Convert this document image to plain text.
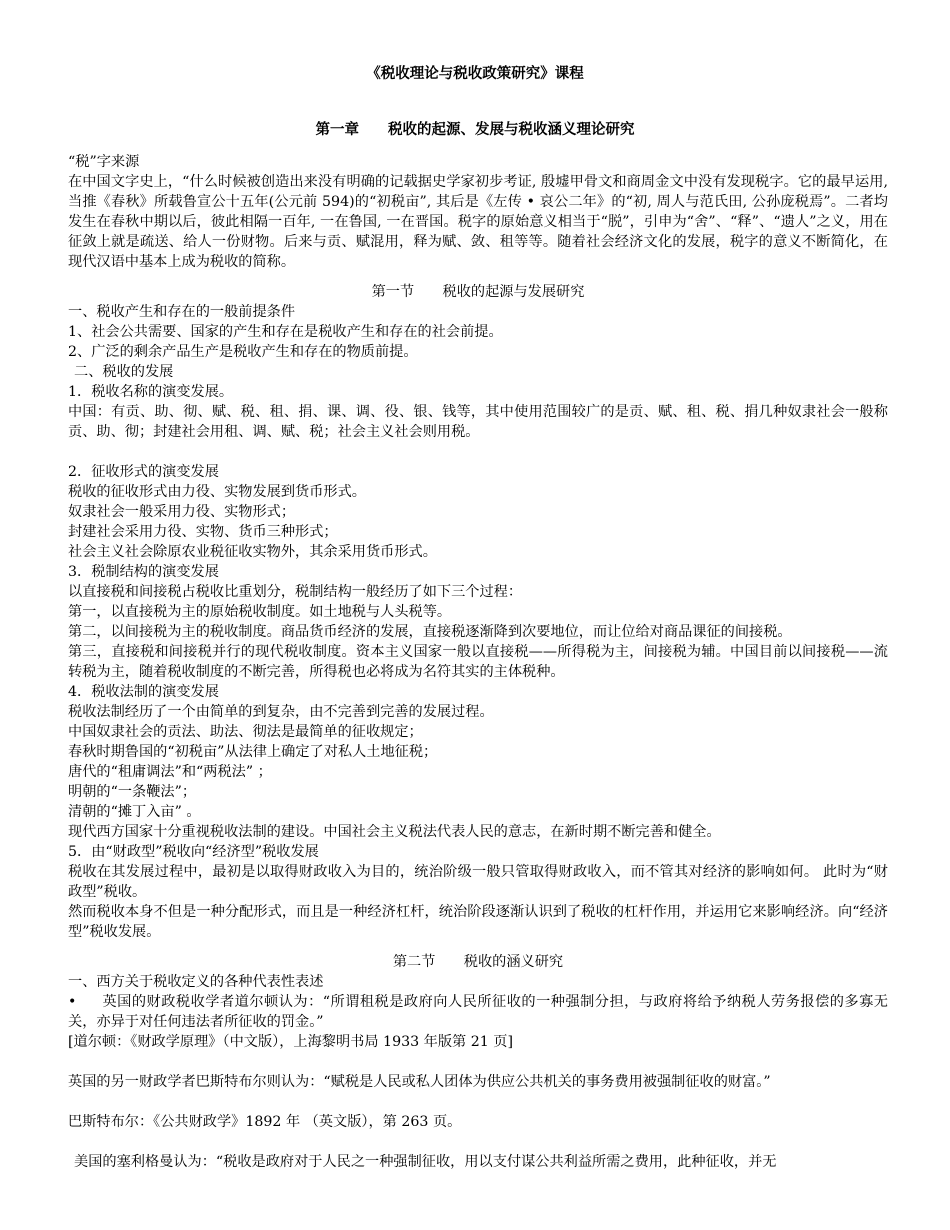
《税收理论与税收政策研究》课程
第一章　　税收的起源、发展与税收涵义理论研究

“税”字来源

在中国文字史上，“什么时候被创造出来没有明确的记载据史学家初步考证, 殷墟甲骨文和商周金文中没有发现税字。它的最早运用, 当推《春秋》所载鲁宣公十五年(公元前 594)的“初税亩”, 其后是《左传 • 哀公二年》的“初, 周人与范氏田, 公孙庞税焉”。二者均发生在春秋中期以后，彼此相隔一百年, 一在鲁国, 一在晋国。税字的原始意义相当于“脱”，引申为“舍”、“释”、“遗人”之义，用在征敛上就是疏送、给人一份财物。后来与贡、赋混用，释为赋、敛、租等等。随着社会经济文化的发展，税字的意义不断简化，在现代汉语中基本上成为税收的简称。

第一节　　税收的起源与发展研究

一、税收产生和存在的一般前提条件

1、社会公共需要、国家的产生和存在是税收产生和存在的社会前提。

2、广泛的剩余产品生产是税收产生和存在的物质前提。

二、税收的发展

1．税收名称的演变发展。

中国：有贡、助、彻、赋、税、租、捐、课、调、役、银、钱等，其中使用范围较广的是贡、赋、租、税、捐几种奴隶社会一般称贡、助、彻；封建社会用租、调、赋、税；社会主义社会则用税。

2．征收形式的演变发展

税收的征收形式由力役、实物发展到货币形式。

奴隶社会一般采用力役、实物形式；

封建社会采用力役、实物、货币三种形式；

社会主义社会除原农业税征收实物外，其余采用货币形式。

3．税制结构的演变发展

以直接税和间接税占税收比重划分，税制结构一般经历了如下三个过程：

第一，以直接税为主的原始税收制度。如土地税与人头税等。

第二，以间接税为主的税收制度。商品货币经济的发展，直接税逐渐降到次要地位，而让位给对商品课征的间接税。

第三，直接税和间接税并行的现代税收制度。资本主义国家一般以直接税——所得税为主，间接税为辅。中国目前以间接税——流转税为主，随着税收制度的不断完善，所得税也必将成为名符其实的主体税种。

4．税收法制的演变发展

税收法制经历了一个由简单的到复杂，由不完善到完善的发展过程。

中国奴隶社会的贡法、助法、彻法是最简单的征收规定；

春秋时期鲁国的“初税亩”从法律上确定了对私人土地征税；

唐代的“租庸调法”和“两税法” ；

明朝的“一条鞭法”；

清朝的“摊丁入亩” 。

现代西方国家十分重视税收法制的建设。中国社会主义税法代表人民的意志，在新时期不断完善和健全。

5．由“财政型”税收向“经济型”税收发展

税收在其发展过程中，最初是以取得财政收入为目的，统治阶级一般只管取得财政收入，而不管其对经济的影响如何。 此时为“财政型”税收。

然而税收本身不但是一种分配形式，而且是一种经济杠杆，统治阶段逐渐认识到了税收的杠杆作用，并运用它来影响经济。向“经济型”税收发展。

第二节　　税收的涵义研究

一、西方关于税收定义的各种代表性表述

• 英国的财政税收学者道尔顿认为：“所谓租税是政府向人民所征收的一种强制分担，与政府将给予纳税人劳务报偿的多寡无关，亦异于对任何违法者所征收的罚金。”

[道尔顿：《财政学原理》（中文版），上海黎明书局 1933 年版第 21 页]

英国的另一财政学者巴斯特布尔则认为：“赋税是人民或私人团体为供应公共机关的事务费用被强制征收的财富。”

巴斯特布尔：《公共财政学》1892 年 （英文版），第 263 页。

美国的塞利格曼认为：“税收是政府对于人民之一种强制征收，用以支付谋公共利益所需之费用，此种征收，并无
